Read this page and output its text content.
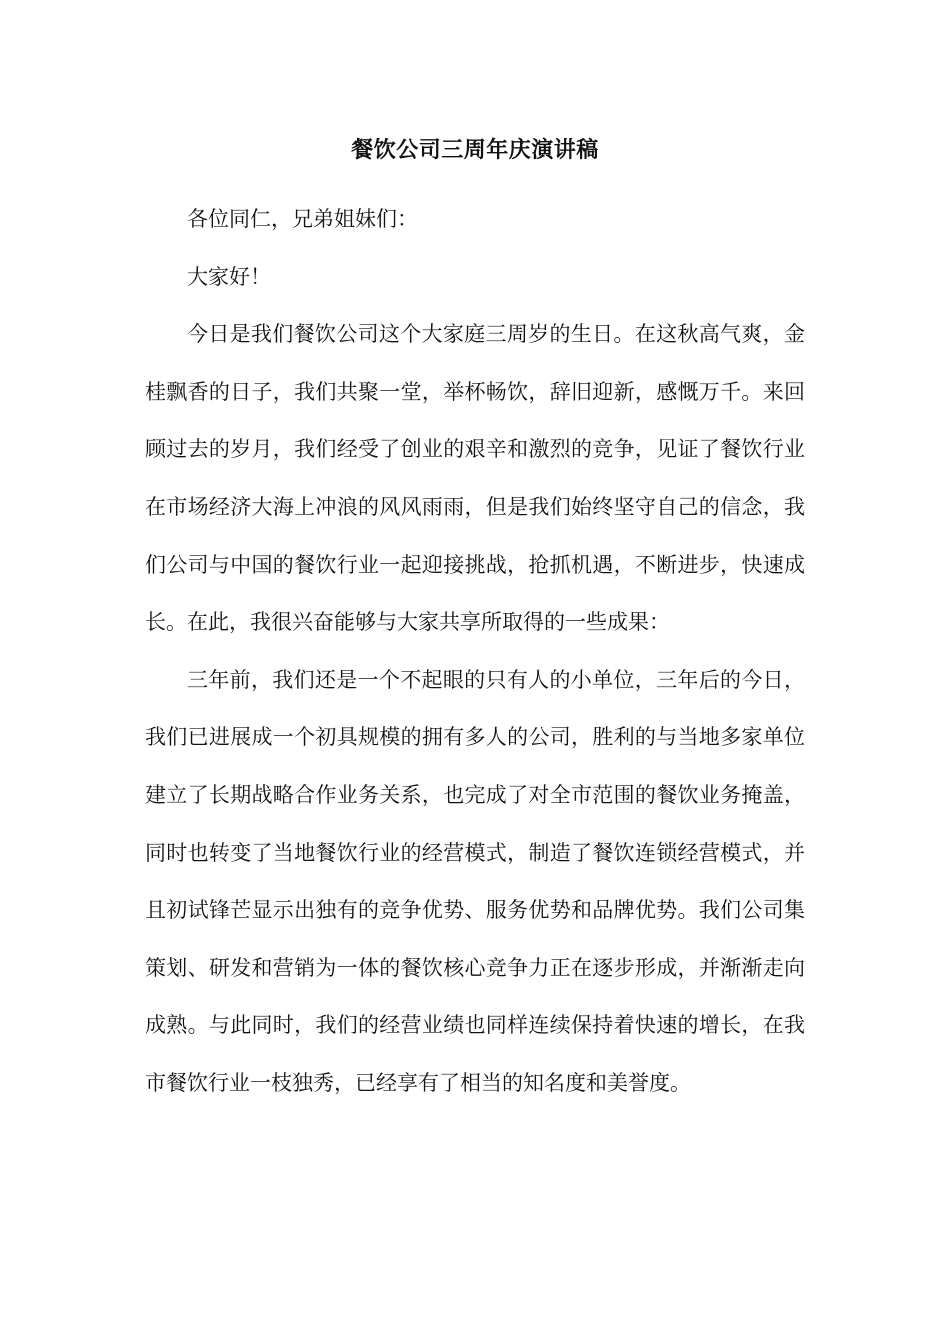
餐饮公司三周年庆演讲稿

各位同仁，兄弟姐妹们：

大家好！

今日是我们餐饮公司这个大家庭三周岁的生日。在这秋高气爽，金桂飘香的日子，我们共聚一堂，举杯畅饮，辞旧迎新，感慨万千。来回顾过去的岁月，我们经受了创业的艰辛和激烈的竞争，见证了餐饮行业在市场经济大海上冲浪的风风雨雨，但是我们始终坚守自己的信念，我们公司与中国的餐饮行业一起迎接挑战，抢抓机遇，不断进步，快速成长。在此，我很兴奋能够与大家共享所取得的一些成果：

三年前，我们还是一个不起眼的只有人的小单位，三年后的今日，我们已进展成一个初具规模的拥有多人的公司，胜利的与当地多家单位建立了长期战略合作业务关系，也完成了对全市范围的餐饮业务掩盖，同时也转变了当地餐饮行业的经营模式，制造了餐饮连锁经营模式，并且初试锋芒显示出独有的竞争优势、服务优势和品牌优势。我们公司集策划、研发和营销为一体的餐饮核心竞争力正在逐步形成，并渐渐走向成熟。与此同时，我们的经营业绩也同样连续保持着快速的增长，在我市餐饮行业一枝独秀，已经享有了相当的知名度和美誉度。
